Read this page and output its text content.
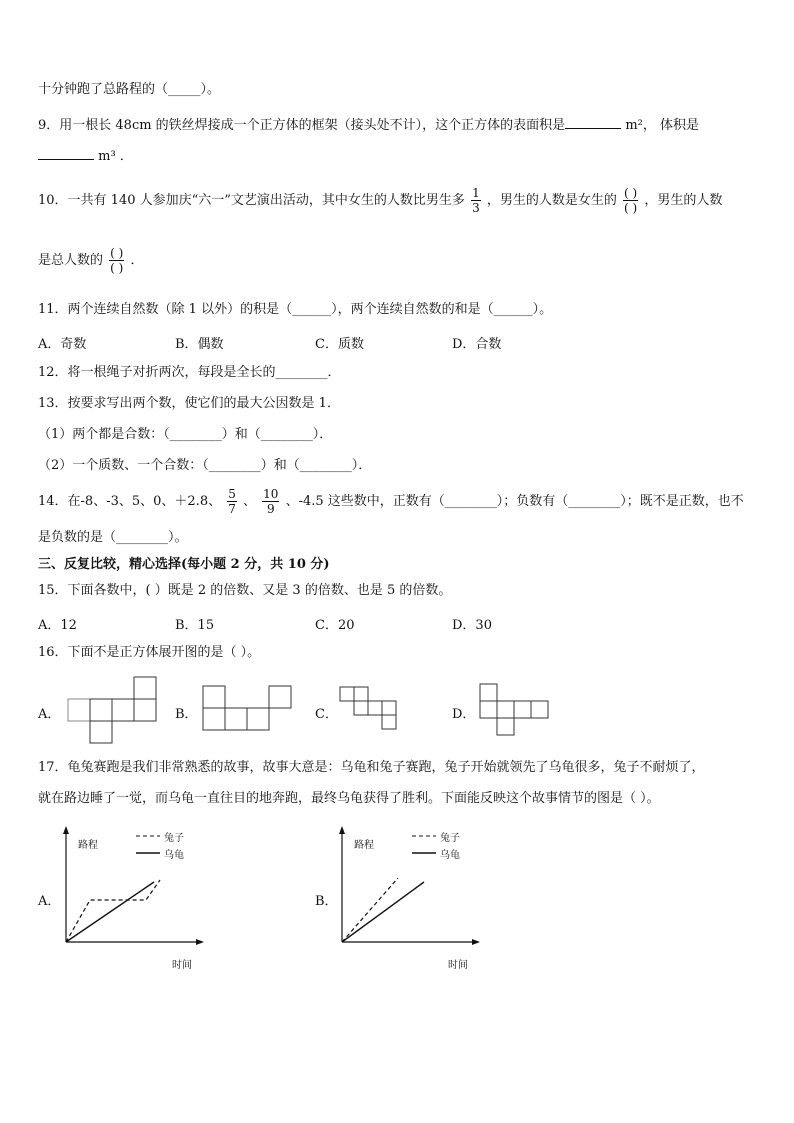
十分钟跑了总路程的（_____）。
9．用一根长 48cm 的铁丝焊接成一个正方体的框架（接头处不计），这个正方体的表面积是	m²， 体积是
m³ ．
10．一共有 140 人参加庆“六一”文艺演出活动，其中女生的人数比男生多 $\frac{1}{3}$ ，男生的人数是女生的 $\frac{( )}{( )}$ ，男生的人数
是总人数的 $\frac{( )}{( )}$ ．
11．两个连续自然数（除 1 以外）的积是（______），两个连续自然数的和是（______）。
A．奇数	B．偶数	C．质数	D．合数
12．将一根绳子对折两次，每段是全长的________．
13．按要求写出两个数，使它们的最大公因数是 1．
（1）两个都是合数：（________）和（________）．
（2）一个质数、一个合数：（________）和（________）．
14．在-8、-3、5、0、＋2.8、 $\frac{5}{7}$ 、 $\frac{10}{9}$ 、-4.5 这些数中，正数有（________）；负数有（________）；既不是正数，也不
是负数的是（________）。
三、反复比较，精心选择(每小题 2 分，共 10 分)
15．下面各数中，( ）既是 2 的倍数、又是 3 的倍数、也是 5 的倍数。
A．12	B．15	C．20	D．30
16．下面不是正方体展开图的是（ ）。
A．	B．	C．	D．
17．龟兔赛跑是我们非常熟悉的故事，故事大意是：乌龟和兔子赛跑，兔子开始就领先了乌龟很多，兔子不耐烦了，
就在路边睡了一觉，而乌龟一直往目的地奔跑，最终乌龟获得了胜利。下面能反映这个故事情节的图是（ ）。
A．
路程
兔子
乌龟
时间
B．
路程
兔子
乌龟
时间
